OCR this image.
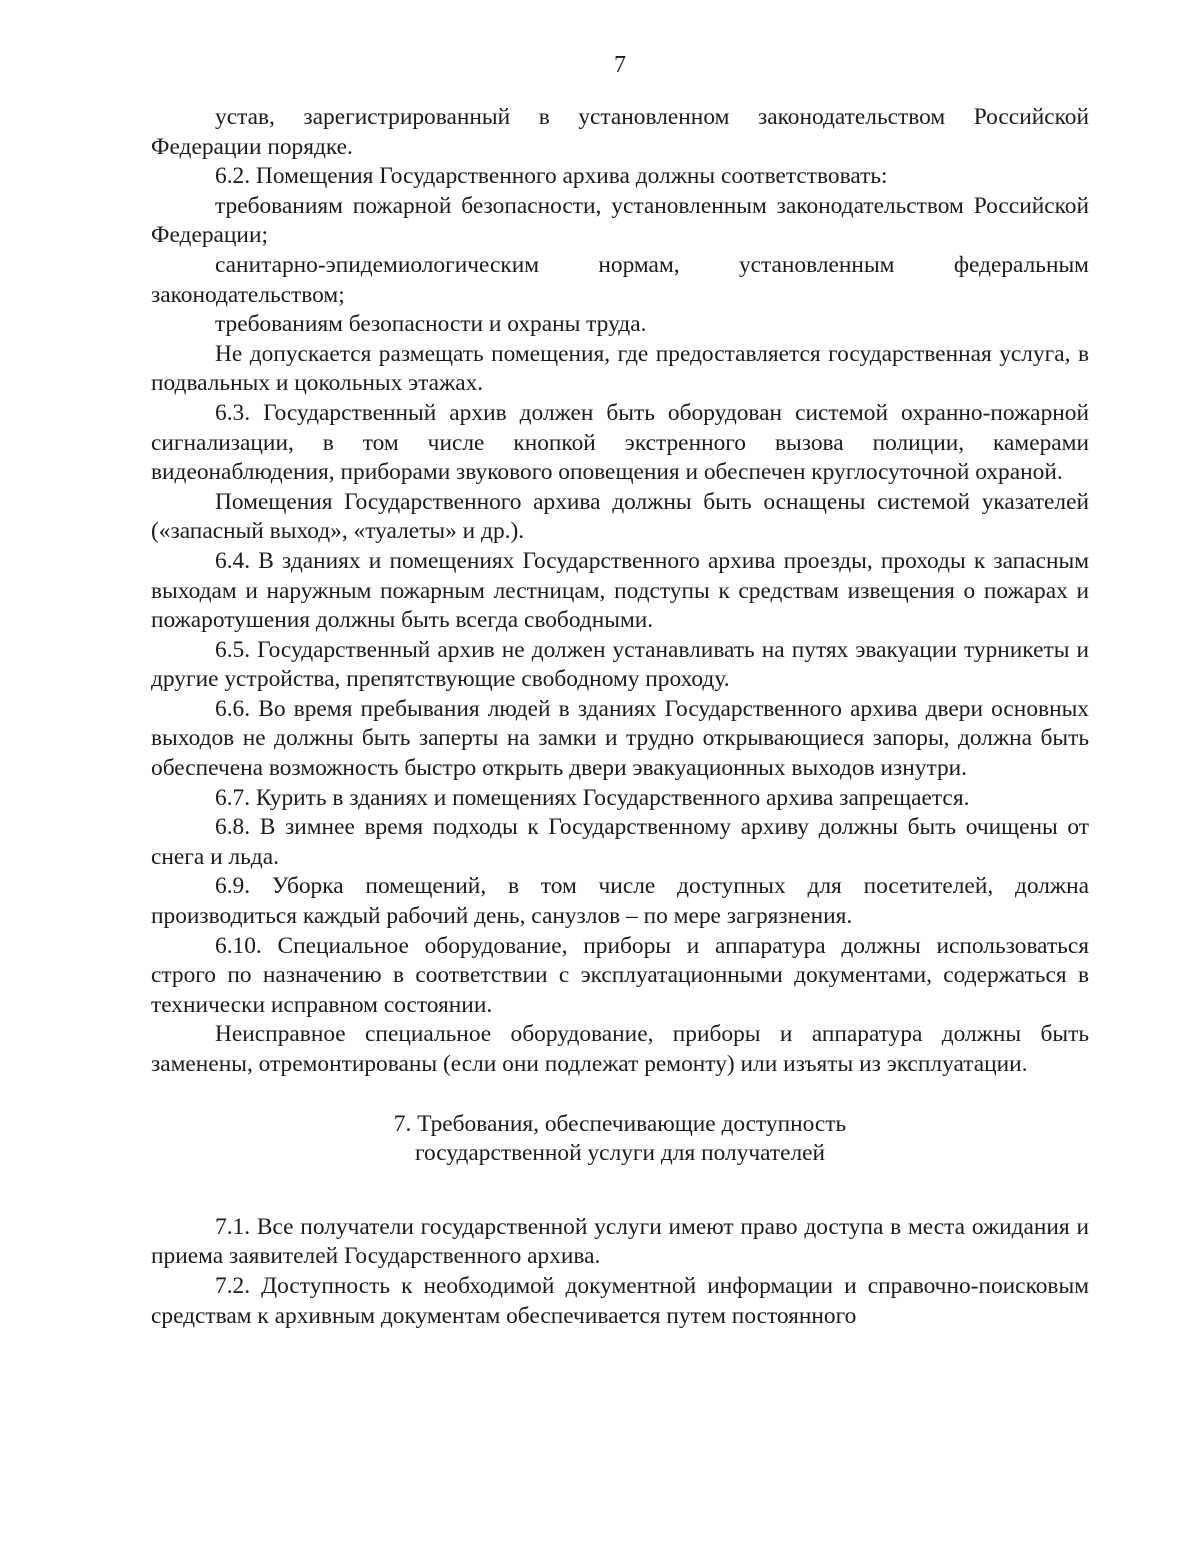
7

устав, зарегистрированный в установленном законодательством Российской Федерации порядке.

6.2. Помещения Государственного архива должны соответствовать:

требованиям пожарной безопасности, установленным законодательством Российской Федерации;

санитарно-эпидемиологическим нормам, установленным федеральным законодательством;

требованиям безопасности и охраны труда.

Не допускается размещать помещения, где предоставляется государственная услуга, в подвальных и цокольных этажах.

6.3. Государственный архив должен быть оборудован системой охранно-пожарной сигнализации, в том числе кнопкой экстренного вызова полиции, камерами видеонаблюдения, приборами звукового оповещения и обеспечен круглосуточной охраной.

Помещения Государственного архива должны быть оснащены системой указателей («запасный выход», «туалеты» и др.).

6.4. В зданиях и помещениях Государственного архива проезды, проходы к запасным выходам и наружным пожарным лестницам, подступы к средствам извещения о пожарах и пожаротушения должны быть всегда свободными.

6.5. Государственный архив не должен устанавливать на путях эвакуации турникеты и другие устройства, препятствующие свободному проходу.

6.6. Во время пребывания людей в зданиях Государственного архива двери основных выходов не должны быть заперты на замки и трудно открывающиеся запоры, должна быть обеспечена возможность быстро открыть двери эвакуационных выходов изнутри.

6.7. Курить в зданиях и помещениях Государственного архива запрещается.

6.8. В зимнее время подходы к Государственному архиву должны быть очищены от снега и льда.

6.9. Уборка помещений, в том числе доступных для посетителей, должна производиться каждый рабочий день, санузлов – по мере загрязнения.

6.10. Специальное оборудование, приборы и аппаратура должны использоваться строго по назначению в соответствии с эксплуатационными документами, содержаться в технически исправном состоянии.

Неисправное специальное оборудование, приборы и аппаратура должны быть заменены, отремонтированы (если они подлежат ремонту) или изъяты из эксплуатации.

7. Требования, обеспечивающие доступность
государственной услуги для получателей

7.1. Все получатели государственной услуги имеют право доступа в места ожидания и приема заявителей Государственного архива.

7.2. Доступность к необходимой документной информации и справочно-поисковым средствам к архивным документам обеспечивается путем постоянного
